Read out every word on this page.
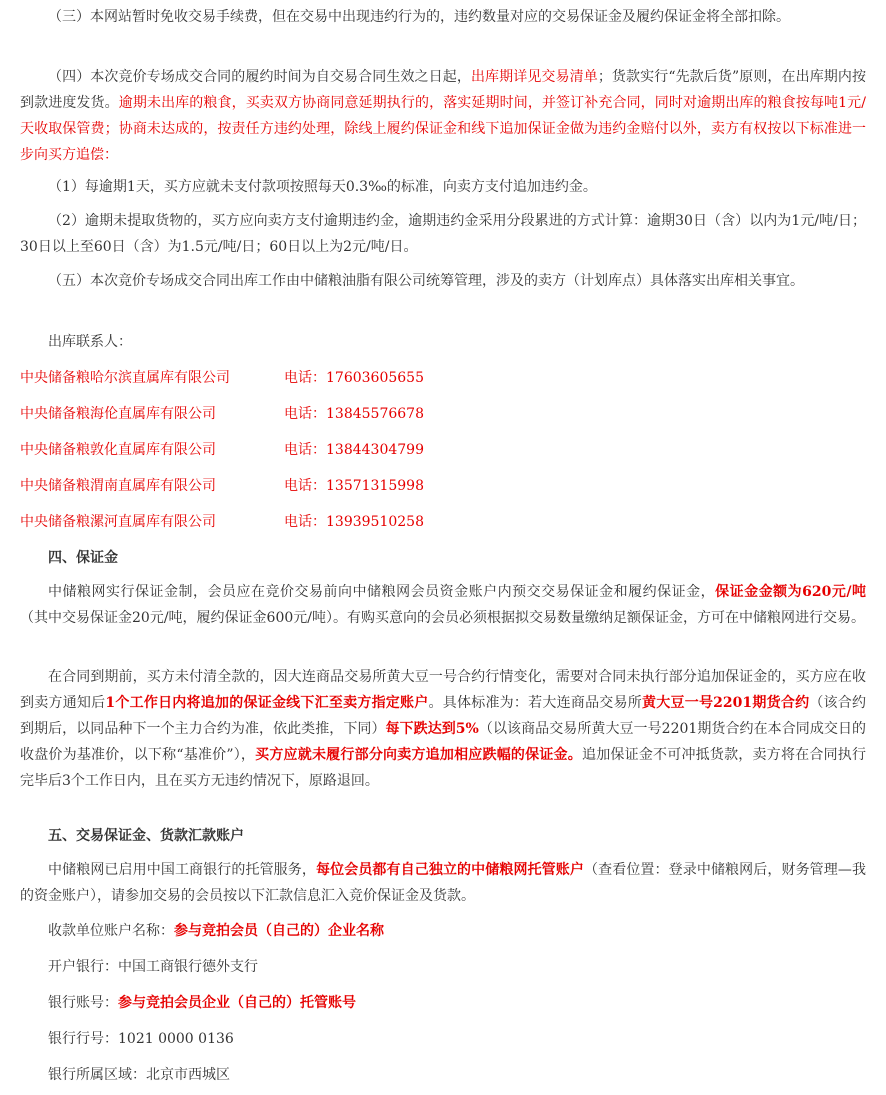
（三）本网站暂时免收交易手续费，但在交易中出现违约行为的，违约数量对应的交易保证金及履约保证金将全部扣除。

（四）本次竞价专场成交合同的履约时间为自交易合同生效之日起，出库期详见交易清单；货款实行“先款后货”原则，在出库期内按到款进度发货。逾期未出库的粮食，买卖双方协商同意延期执行的，落实延期时间，并签订补充合同，同时对逾期出库的粮食按每吨1元/天收取保管费；协商未达成的，按责任方违约处理，除线上履约保证金和线下追加保证金做为违约金赔付以外，卖方有权按以下标准进一步向买方追偿：

（1）每逾期1天，买方应就未支付款项按照每天0.3‰的标准，向卖方支付追加违约金。

（2）逾期未提取货物的，买方应向卖方支付逾期违约金，逾期违约金采用分段累进的方式计算：逾期30日（含）以内为1元/吨/日；30日以上至60日（含）为1.5元/吨/日；60日以上为2元/吨/日。

（五）本次竞价专场成交合同出库工作由中储粮油脂有限公司统筹管理，涉及的卖方（计划库点）具体落实出库相关事宜。

出库联系人：
中央储备粮哈尔滨直属库有限公司	电话：17603605655
中央储备粮海伦直属库有限公司	电话：13845576678
中央储备粮敦化直属库有限公司	电话：13844304799
中央储备粮渭南直属库有限公司	电话：13571315998
中央储备粮漯河直属库有限公司	电话：13939510258
四、保证金

中储粮网实行保证金制，会员应在竞价交易前向中储粮网会员资金账户内预交交易保证金和履约保证金，保证金金额为620元/吨（其中交易保证金20元/吨，履约保证金600元/吨）。有购买意向的会员必须根据拟交易数量缴纳足额保证金，方可在中储粮网进行交易。

在合同到期前，买方未付清全款的，因大连商品交易所黄大豆一号合约行情变化，需要对合同未执行部分追加保证金的，买方应在收到卖方通知后1个工作日内将追加的保证金线下汇至卖方指定账户。具体标准为：若大连商品交易所黄大豆一号2201期货合约（该合约到期后，以同品种下一个主力合约为准，依此类推，下同）每下跌达到5%（以该商品交易所黄大豆一号2201期货合约在本合同成交日的收盘价为基准价，以下称“基准价”），买方应就未履行部分向卖方追加相应跌幅的保证金。追加保证金不可冲抵货款，卖方将在合同执行完毕后3个工作日内，且在买方无违约情况下，原路退回。

五、交易保证金、货款汇款账户

中储粮网已启用中国工商银行的托管服务，每位会员都有自己独立的中储粮网托管账户（查看位置：登录中储粮网后，财务管理—我的资金账户），请参加交易的会员按以下汇款信息汇入竞价保证金及货款。

收款单位账户名称：参与竞拍会员（自己的）企业名称
开户银行：中国工商银行德外支行
银行账号：参与竞拍会员企业（自己的）托管账号
银行行号：1021 0000 0136
银行所属区域：北京市西城区
